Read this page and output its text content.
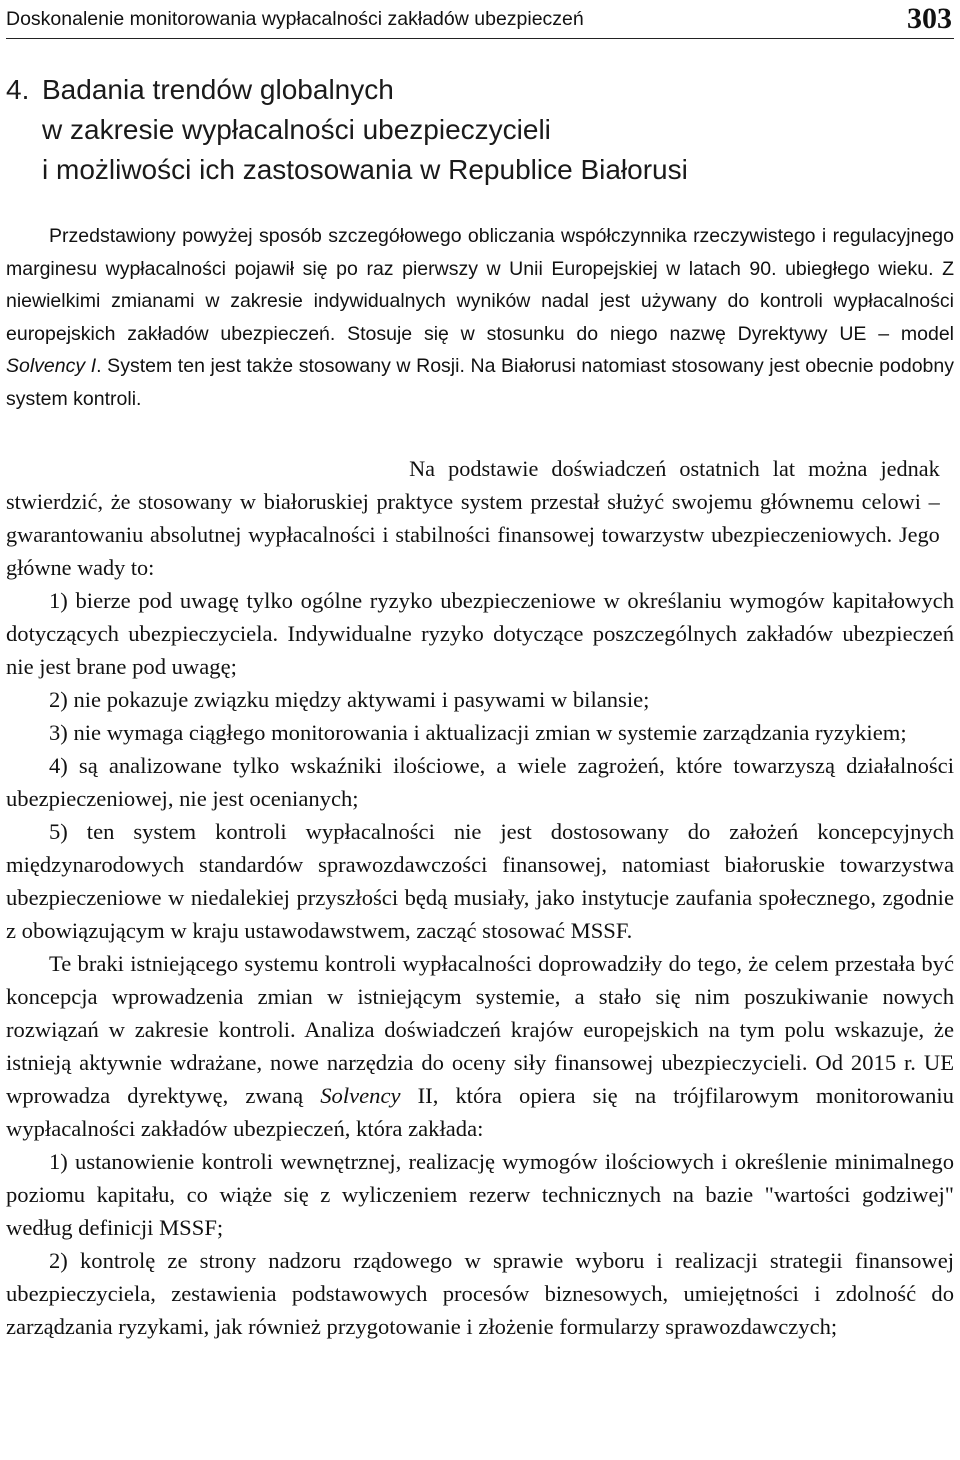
Doskonalenie monitorowania wypłacalności zakładów ubezpieczeń	303
4. Badania trendów globalnych
w zakresie wypłacalności ubezpieczycieli
i możliwości ich zastosowania w Republice Białorusi

Przedstawiony powyżej sposób szczegółowego obliczania współczynnika rzeczywistego i regulacyjnego marginesu wypłacalności pojawił się po raz pierwszy w Unii Europejskiej w latach 90. ubiegłego wieku. Z niewielkimi zmianami w zakresie indywidualnych wyników nadal jest używany do kontroli wypłacalności europejskich zakładów ubezpieczeń. Stosuje się w stosunku do niego nazwę Dyrektywy UE – model Solvency I. System ten jest także stosowany w Rosji. Na Białorusi natomiast stosowany jest obecnie podobny system kontroli.

Na podstawie doświadczeń ostatnich lat można jednak stwierdzić, że stosowany w białoruskiej praktyce system przestał służyć swojemu głównemu celowi – gwarantowaniu absolutnej wypłacalności i stabilności finansowej towarzystw ubezpieczeniowych. Jego główne wady to:

1) bierze pod uwagę tylko ogólne ryzyko ubezpieczeniowe w określaniu wymogów kapitałowych dotyczących ubezpieczyciela. Indywidualne ryzyko dotyczące poszczególnych zakładów ubezpieczeń nie jest brane pod uwagę;

2) nie pokazuje związku między aktywami i pasywami w bilansie;

3) nie wymaga ciągłego monitorowania i aktualizacji zmian w systemie zarządzania ryzykiem;

4) są analizowane tylko wskaźniki ilościowe, a wiele zagrożeń, które towarzyszą działalności ubezpieczeniowej, nie jest ocenianych;

5) ten system kontroli wypłacalności nie jest dostosowany do założeń koncepcyjnych międzynarodowych standardów sprawozdawczości finansowej, natomiast białoruskie towarzystwa ubezpieczeniowe w niedalekiej przyszłości będą musiały, jako instytucje zaufania społecznego, zgodnie z obowiązującym w kraju ustawodawstwem, zacząć stosować MSSF.

Te braki istniejącego systemu kontroli wypłacalności doprowadziły do tego, że celem przestała być koncepcja wprowadzenia zmian w istniejącym systemie, a stało się nim poszukiwanie nowych rozwiązań w zakresie kontroli. Analiza doświadczeń krajów europejskich na tym polu wskazuje, że istnieją aktywnie wdrażane, nowe narzędzia do oceny siły finansowej ubezpieczycieli. Od 2015 r. UE wprowadza dyrektywę, zwaną Solvency II, która opiera się na trójfilarowym monitorowaniu wypłacalności zakładów ubezpieczeń, która zakłada:

1) ustanowienie kontroli wewnętrznej, realizację wymogów ilościowych i określenie minimalnego poziomu kapitału, co wiąże się z wyliczeniem rezerw technicznych na bazie "wartości godziwej" według definicji MSSF;

2) kontrolę ze strony nadzoru rządowego w sprawie wyboru i realizacji strategii finansowej ubezpieczyciela, zestawienia podstawowych procesów biznesowych, umiejętności i zdolność do zarządzania ryzykami, jak również przygotowanie i złożenie formularzy sprawozdawczych;
